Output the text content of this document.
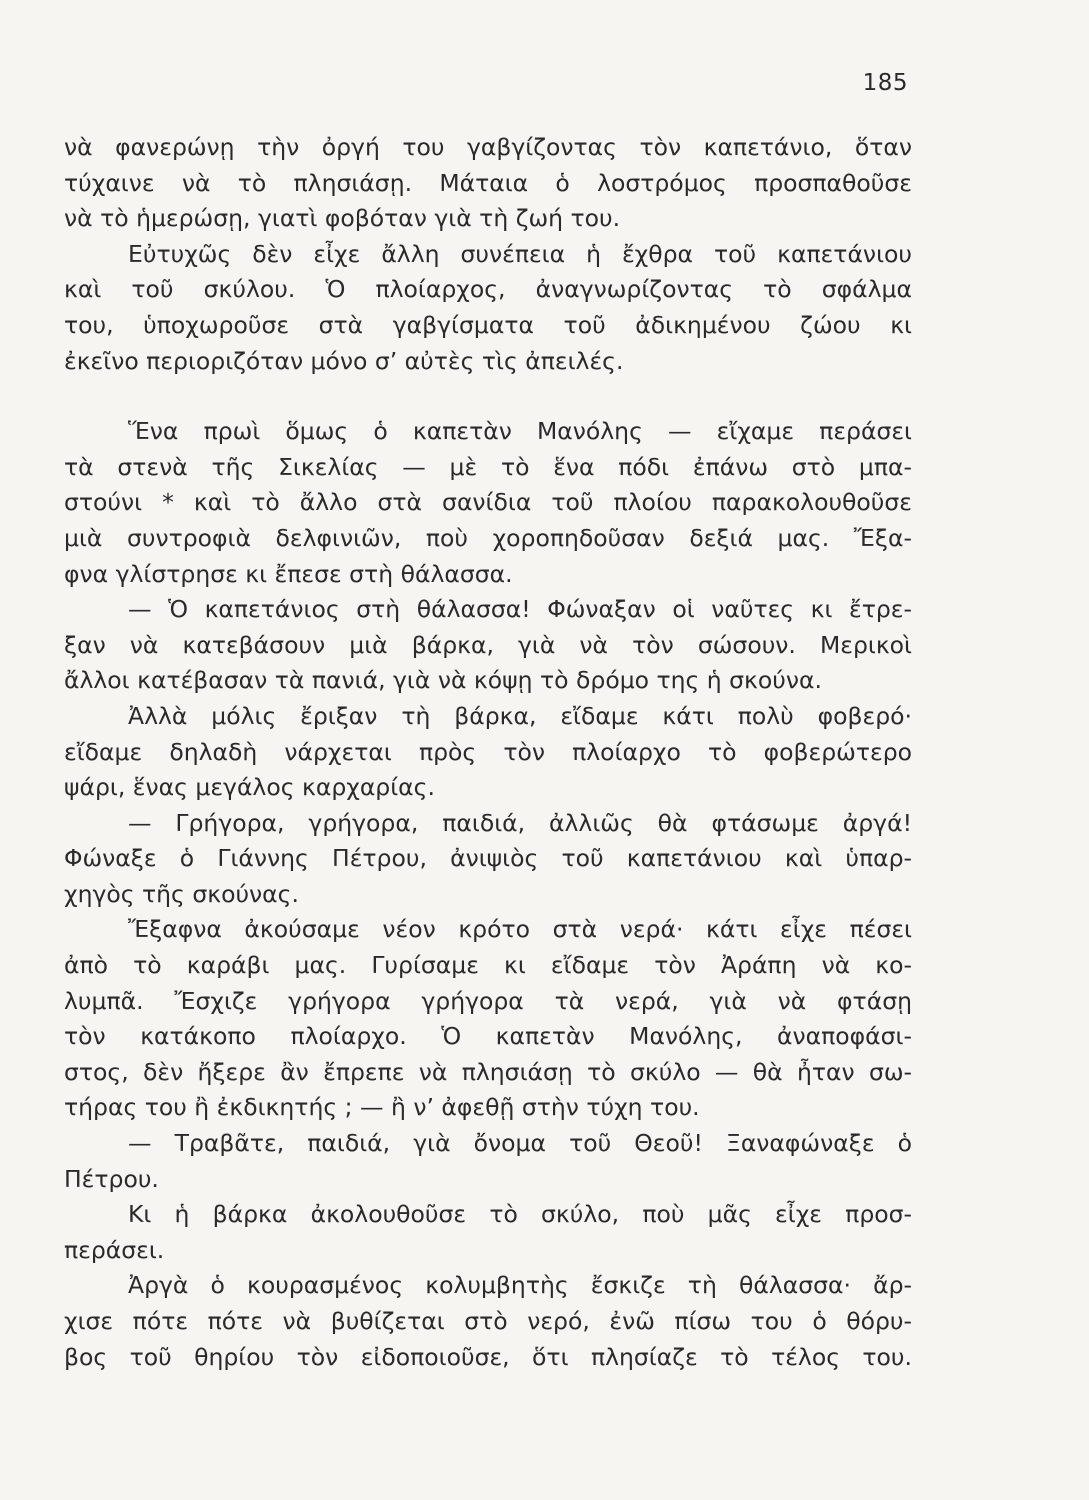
185
νὰ φανερώνῃ τὴν ὀργή του γαβγίζοντας τὸν καπετάνιο, ὅταν
τύχαινε νὰ τὸ πλησιάσῃ. Μάταια ὁ λοστρόμος προσπαθοῦσε
νὰ τὸ ἡμερώσῃ, γιατὶ φοβόταν γιὰ τὴ ζωή του.
Εὐτυχῶς δὲν εἶχε ἄλλη συνέπεια ἡ ἔχθρα τοῦ καπετάνιου
καὶ τοῦ σκύλου. Ὁ πλοίαρχος, ἀναγνωρίζοντας τὸ σφάλμα
του, ὑποχωροῦσε στὰ γαβγίσματα τοῦ ἀδικημένου ζώου κι
ἐκεῖνο περιοριζόταν μόνο σ’ αὐτὲς τὶς ἀπειλές.
Ἕνα πρωὶ ὅμως ὁ καπετὰν Μανόλης — εἴχαμε περάσει
τὰ στενὰ τῆς Σικελίας — μὲ τὸ ἕνα πόδι ἐπάνω στὸ μπα-
στούνι * καὶ τὸ ἄλλο στὰ σανίδια τοῦ πλοίου παρακολουθοῦσε
μιὰ συντροφιὰ δελφινιῶν, ποὺ χοροπηδοῦσαν δεξιά μας. Ἔξα-
φνα γλίστρησε κι ἔπεσε στὴ θάλασσα.
— Ὁ καπετάνιος στὴ θάλασσα! Φώναξαν οἱ ναῦτες κι ἔτρε-
ξαν νὰ κατεβάσουν μιὰ βάρκα, γιὰ νὰ τὸν σώσουν. Μερικοὶ
ἄλλοι κατέβασαν τὰ πανιά, γιὰ νὰ κόψῃ τὸ δρόμο της ἡ σκούνα.
Ἀλλὰ μόλις ἔριξαν τὴ βάρκα, εἴδαμε κάτι πολὺ φοβερό·
εἴδαμε δηλαδὴ νάρχεται πρὸς τὸν πλοίαρχο τὸ φοβερώτερο
ψάρι, ἕνας μεγάλος καρχαρίας.
— Γρήγορα, γρήγορα, παιδιά, ἀλλιῶς θὰ φτάσωμε ἀργά!
Φώναξε ὁ Γιάννης Πέτρου, ἀνιψιὸς τοῦ καπετάνιου καὶ ὑπαρ-
χηγὸς τῆς σκούνας.
Ἔξαφνα ἀκούσαμε νέον κρότο στὰ νερά· κάτι εἶχε πέσει
ἀπὸ τὸ καράβι μας. Γυρίσαμε κι εἴδαμε τὸν Ἀράπη νὰ κο-
λυμπᾶ. Ἔσχιζε γρήγορα γρήγορα τὰ νερά, γιὰ νὰ φτάσῃ
τὸν κατάκοπο πλοίαρχο. Ὁ καπετὰν Μανόλης, ἀναποφάσι-
στος, δὲν ἤξερε ἂν ἔπρεπε νὰ πλησιάσῃ τὸ σκύλο — θὰ ἦταν σω-
τήρας του ἢ ἐκδικητής ; — ἢ ν’ ἀφεθῇ στὴν τύχη του.
— Τραβᾶτε, παιδιά, γιὰ ὄνομα τοῦ Θεοῦ! Ξαναφώναξε ὁ
Πέτρου.
Κι ἡ βάρκα ἀκολουθοῦσε τὸ σκύλο, ποὺ μᾶς εἶχε προσ-
περάσει.
Ἀργὰ ὁ κουρασμένος κολυμβητὴς ἔσκιζε τὴ θάλασσα· ἄρ-
χισε πότε πότε νὰ βυθίζεται στὸ νερό, ἐνῶ πίσω του ὁ θόρυ-
βος τοῦ θηρίου τὸν εἰδοποιοῦσε, ὅτι πλησίαζε τὸ τέλος του.
